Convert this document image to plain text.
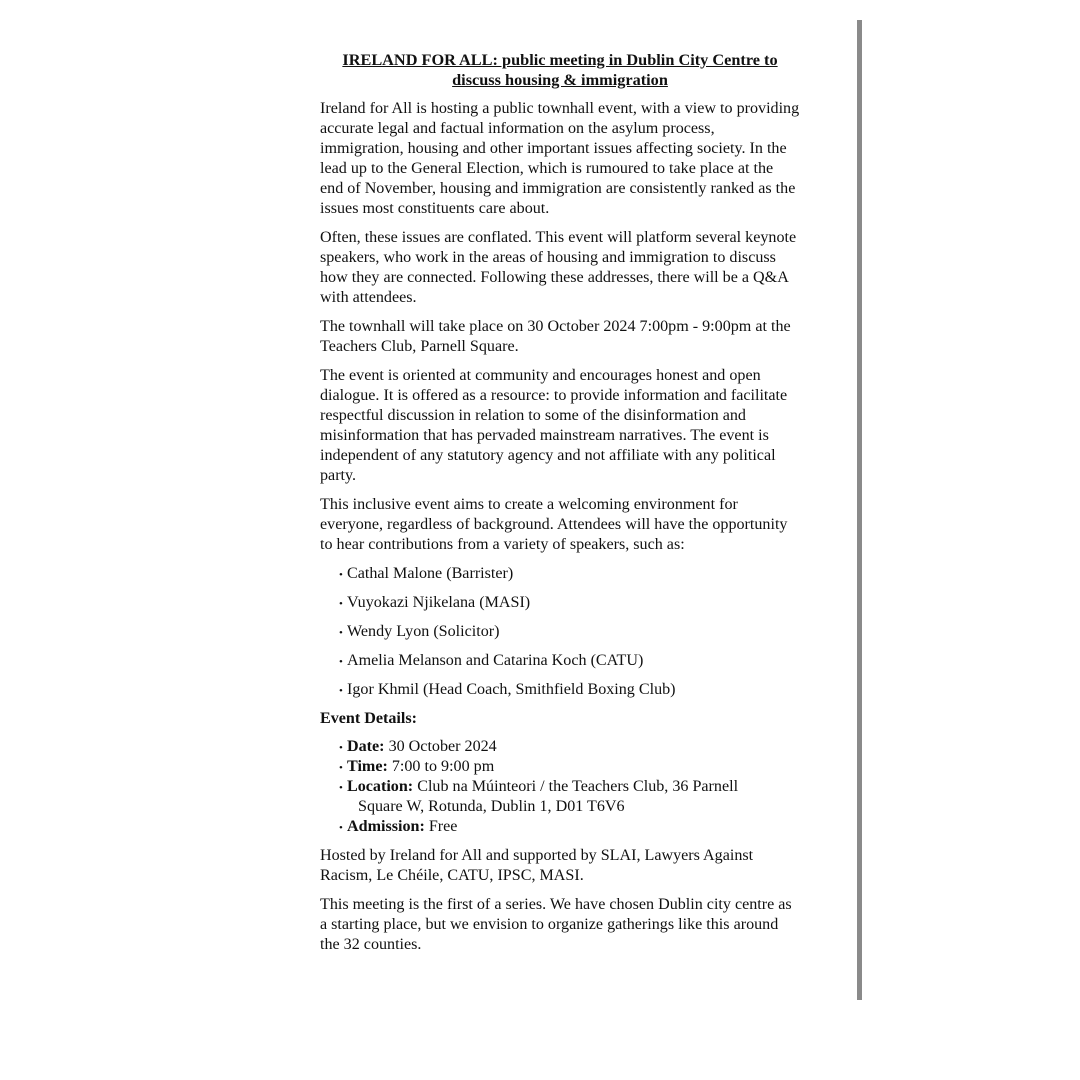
IRELAND FOR ALL: public meeting in Dublin City Centre to
discuss housing & immigration

Ireland for All is hosting a public townhall event, with a view to providing accurate legal and factual information on the asylum process, immigration, housing and other important issues affecting society. In the lead up to the General Election, which is rumoured to take place at the end of November, housing and immigration are consistently ranked as the issues most constituents care about.

Often, these issues are conflated. This event will platform several keynote speakers, who work in the areas of housing and immigration to discuss how they are connected. Following these addresses, there will be a Q&A with attendees.

The townhall will take place on 30 October 2024 7:00pm - 9:00pm at the Teachers Club, Parnell Square.

The event is oriented at community and encourages honest and open dialogue. It is offered as a resource: to provide information and facilitate respectful discussion in relation to some of the disinformation and misinformation that has pervaded mainstream narratives. The event is independent of any statutory agency and not affiliate with any political party.

This inclusive event aims to create a welcoming environment for everyone, regardless of background. Attendees will have the opportunity to hear contributions from a variety of speakers, such as:

• Cathal Malone (Barrister)
• Vuyokazi Njikelana (MASI)
• Wendy Lyon (Solicitor)
• Amelia Melanson and Catarina Koch (CATU)
• Igor Khmil (Head Coach, Smithfield Boxing Club)
Event Details:
• Date: 30 October 2024
• Time: 7:00 to 9:00 pm
• Location: Club na Múinteori / the Teachers Club, 36 Parnell
Square W, Rotunda, Dublin 1, D01 T6V6
• Admission: Free

Hosted by Ireland for All and supported by SLAI, Lawyers Against Racism, Le Chéile, CATU, IPSC, MASI.

This meeting is the first of a series. We have chosen Dublin city centre as a starting place, but we envision to organize gatherings like this around the 32 counties.
